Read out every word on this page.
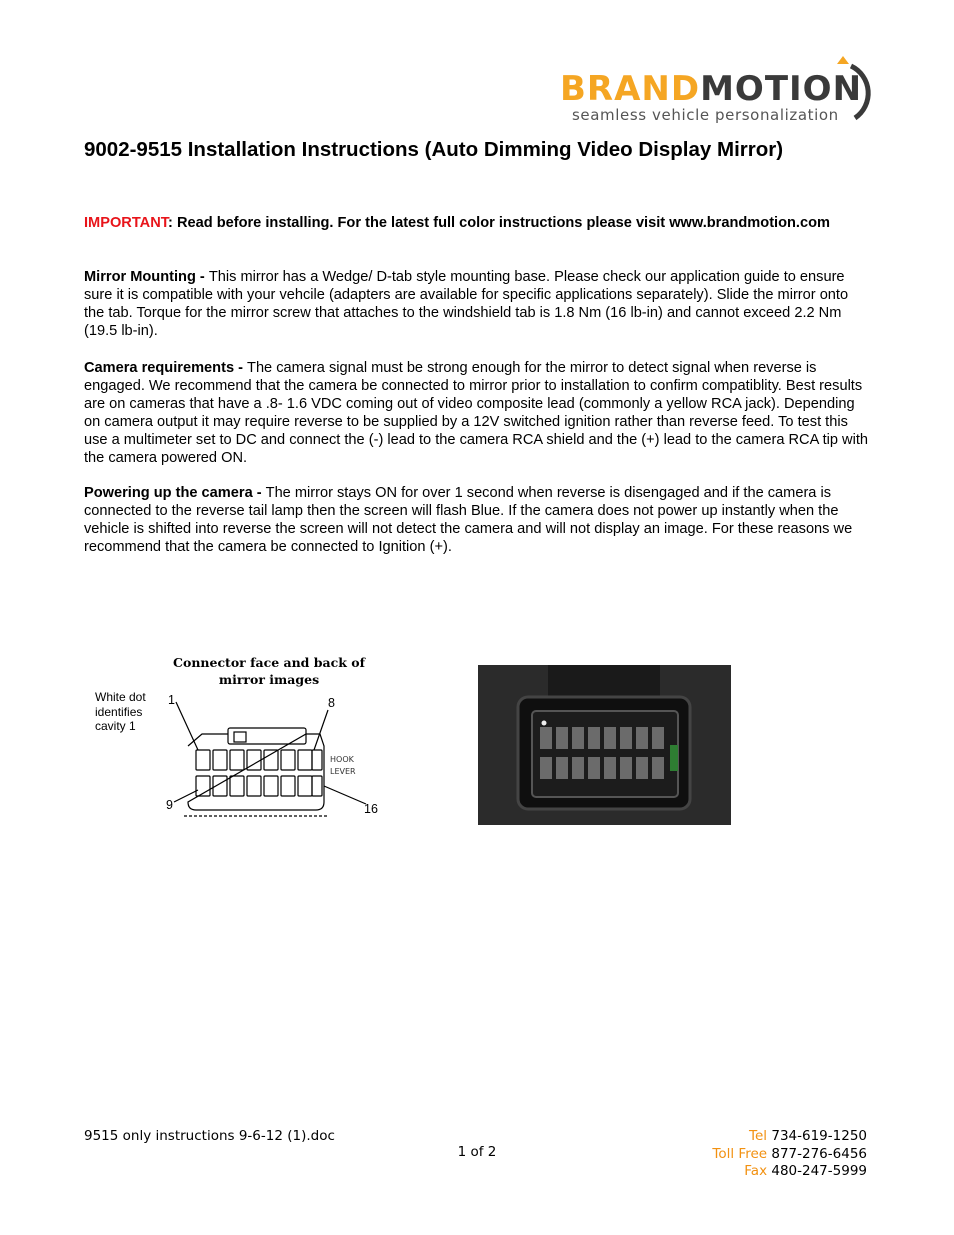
BRANDMOTION
seamless vehicle personalization
9002-9515 Installation Instructions (Auto Dimming Video Display Mirror)
IMPORTANT: Read before installing. For the latest full color instructions please visit www.brandmotion.com
Mirror Mounting - This mirror has a Wedge/ D-tab style mounting base. Please check our application guide to ensure sure it is compatible with your vehcile (adapters are available for specific applications separately). Slide the mirror onto the tab. Torque for the mirror screw that attaches to the windshield tab is 1.8 Nm (16 lb-in) and cannot exceed 2.2 Nm (19.5 lb-in).
Camera requirements - The camera signal must be strong enough for the mirror to detect signal when reverse is engaged. We recommend that the camera be connected to mirror prior to installation to confirm compatiblity. Best results are on cameras that have a .8- 1.6 VDC coming out of video composite lead (commonly a yellow RCA jack). Depending on camera output it may require reverse to be supplied by a 12V switched ignition rather than reverse feed. To test this use a multimeter set to DC and connect the (-) lead to the camera RCA shield and the (+) lead to the camera RCA tip with the camera powered ON.
Powering up the camera - The mirror stays ON for over 1 second when reverse is disengaged and if the camera is connected to the reverse tail lamp then the screen will flash Blue. If the camera does not power up instantly when the vehicle is shifted into reverse the screen will not detect the camera and will not display an image. For these reasons we recommend that the camera be connected to Ignition (+).
Connector face and back of mirror images
White dot identifies cavity 1
HOOK
LEVER
1	8
9	16
9515 only instructions 9-6-12 (1).doc
1 of 2
Tel 734-619-1250
Toll Free 877-276-6456
Fax 480-247-5999
